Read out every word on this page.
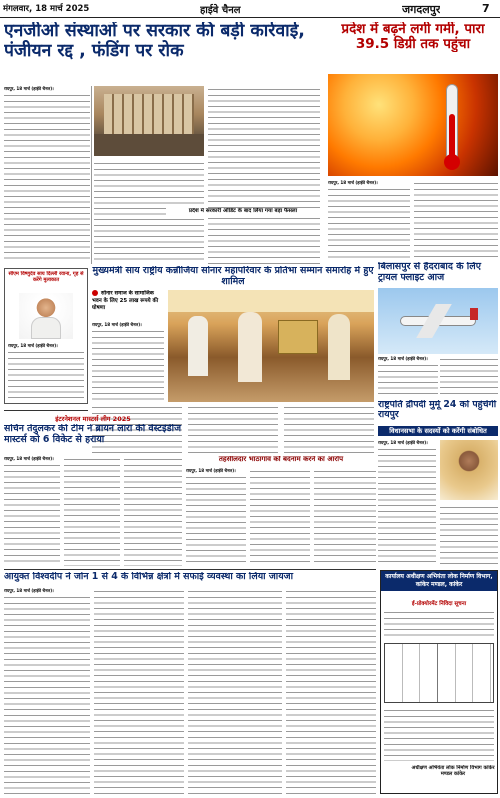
मंगलवार, 18 मार्च 2025	हाईवे चैनल	जगदलपुर	7
एनजीओ संस्थाओं पर सरकार की बड़ी कार्रवाई, पंजीयन रद्द , फंडिंग पर रोक
रायपुर, 18 मार्च (हाईवे चैनल)।
प्रदेश में सरकारी ऑडिट के बाद लिया गया बड़ा फैसला
प्रदेश में बढ़ने लगी गर्मी, पारा 39.5 डिग्री तक पहुंचा
रायपुर, 18 मार्च (हाईवे चैनल)।
बिलासपुर से हैदराबाद के लिए ट्रायल फ्लाइट आज
रायपुर, 18 मार्च (हाईवे चैनल)।
सीएम विष्णुदेव साय दिल्ली रवाना, गृह से करेंगे मुलाकात
रायपुर, 18 मार्च (हाईवे चैनल)।
मुख्यमंत्री साय राष्ट्रीय कन्नौजिया सोनार महापरिवार के प्रतिभा सम्मान समारोह में हुए शामिल
सोनार समाज के सामाजिक भवन के लिए 25 लाख रूपये की घोषणा
रायपुर, 18 मार्च (हाईवे चैनल)।
इंटरनेशनल मास्टर्स लीग 2025
सचिन तेंदुलकर की टीम ने ब्रायन लारा की वेस्टइंडीज मास्टर्स को 6 विकेट से हराया
रायपुर, 18 मार्च (हाईवे चैनल)।	तहसीलदार भाठागांव को बदनाम करने का आरोप
रायपुर, 18 मार्च (हाईवे चैनल)।
राष्ट्रपति द्रौपदी मुर्मू 24 को पहुंचेंगी रायपुर
विधानसभा के सदस्यों को करेंगी संबोधित
रायपुर, 18 मार्च (हाईवे चैनल)।
आयुक्त विश्वदीप ने जोन 1 से 4 के विभिन्न क्षेत्रों में सफाई व्यवस्था का लिया जायजा
रायपुर, 18 मार्च (हाईवे चैनल)।
कार्यालय अधीक्षण अभियंता लोक निर्माण विभाग, कांकेर मण्डल, कांकेर
ई-प्रोक्योरमेंट निविदा सूचना
अधीक्षण अभियंता लोक निर्माण विभाग कांकेर मण्डल कांकेर
